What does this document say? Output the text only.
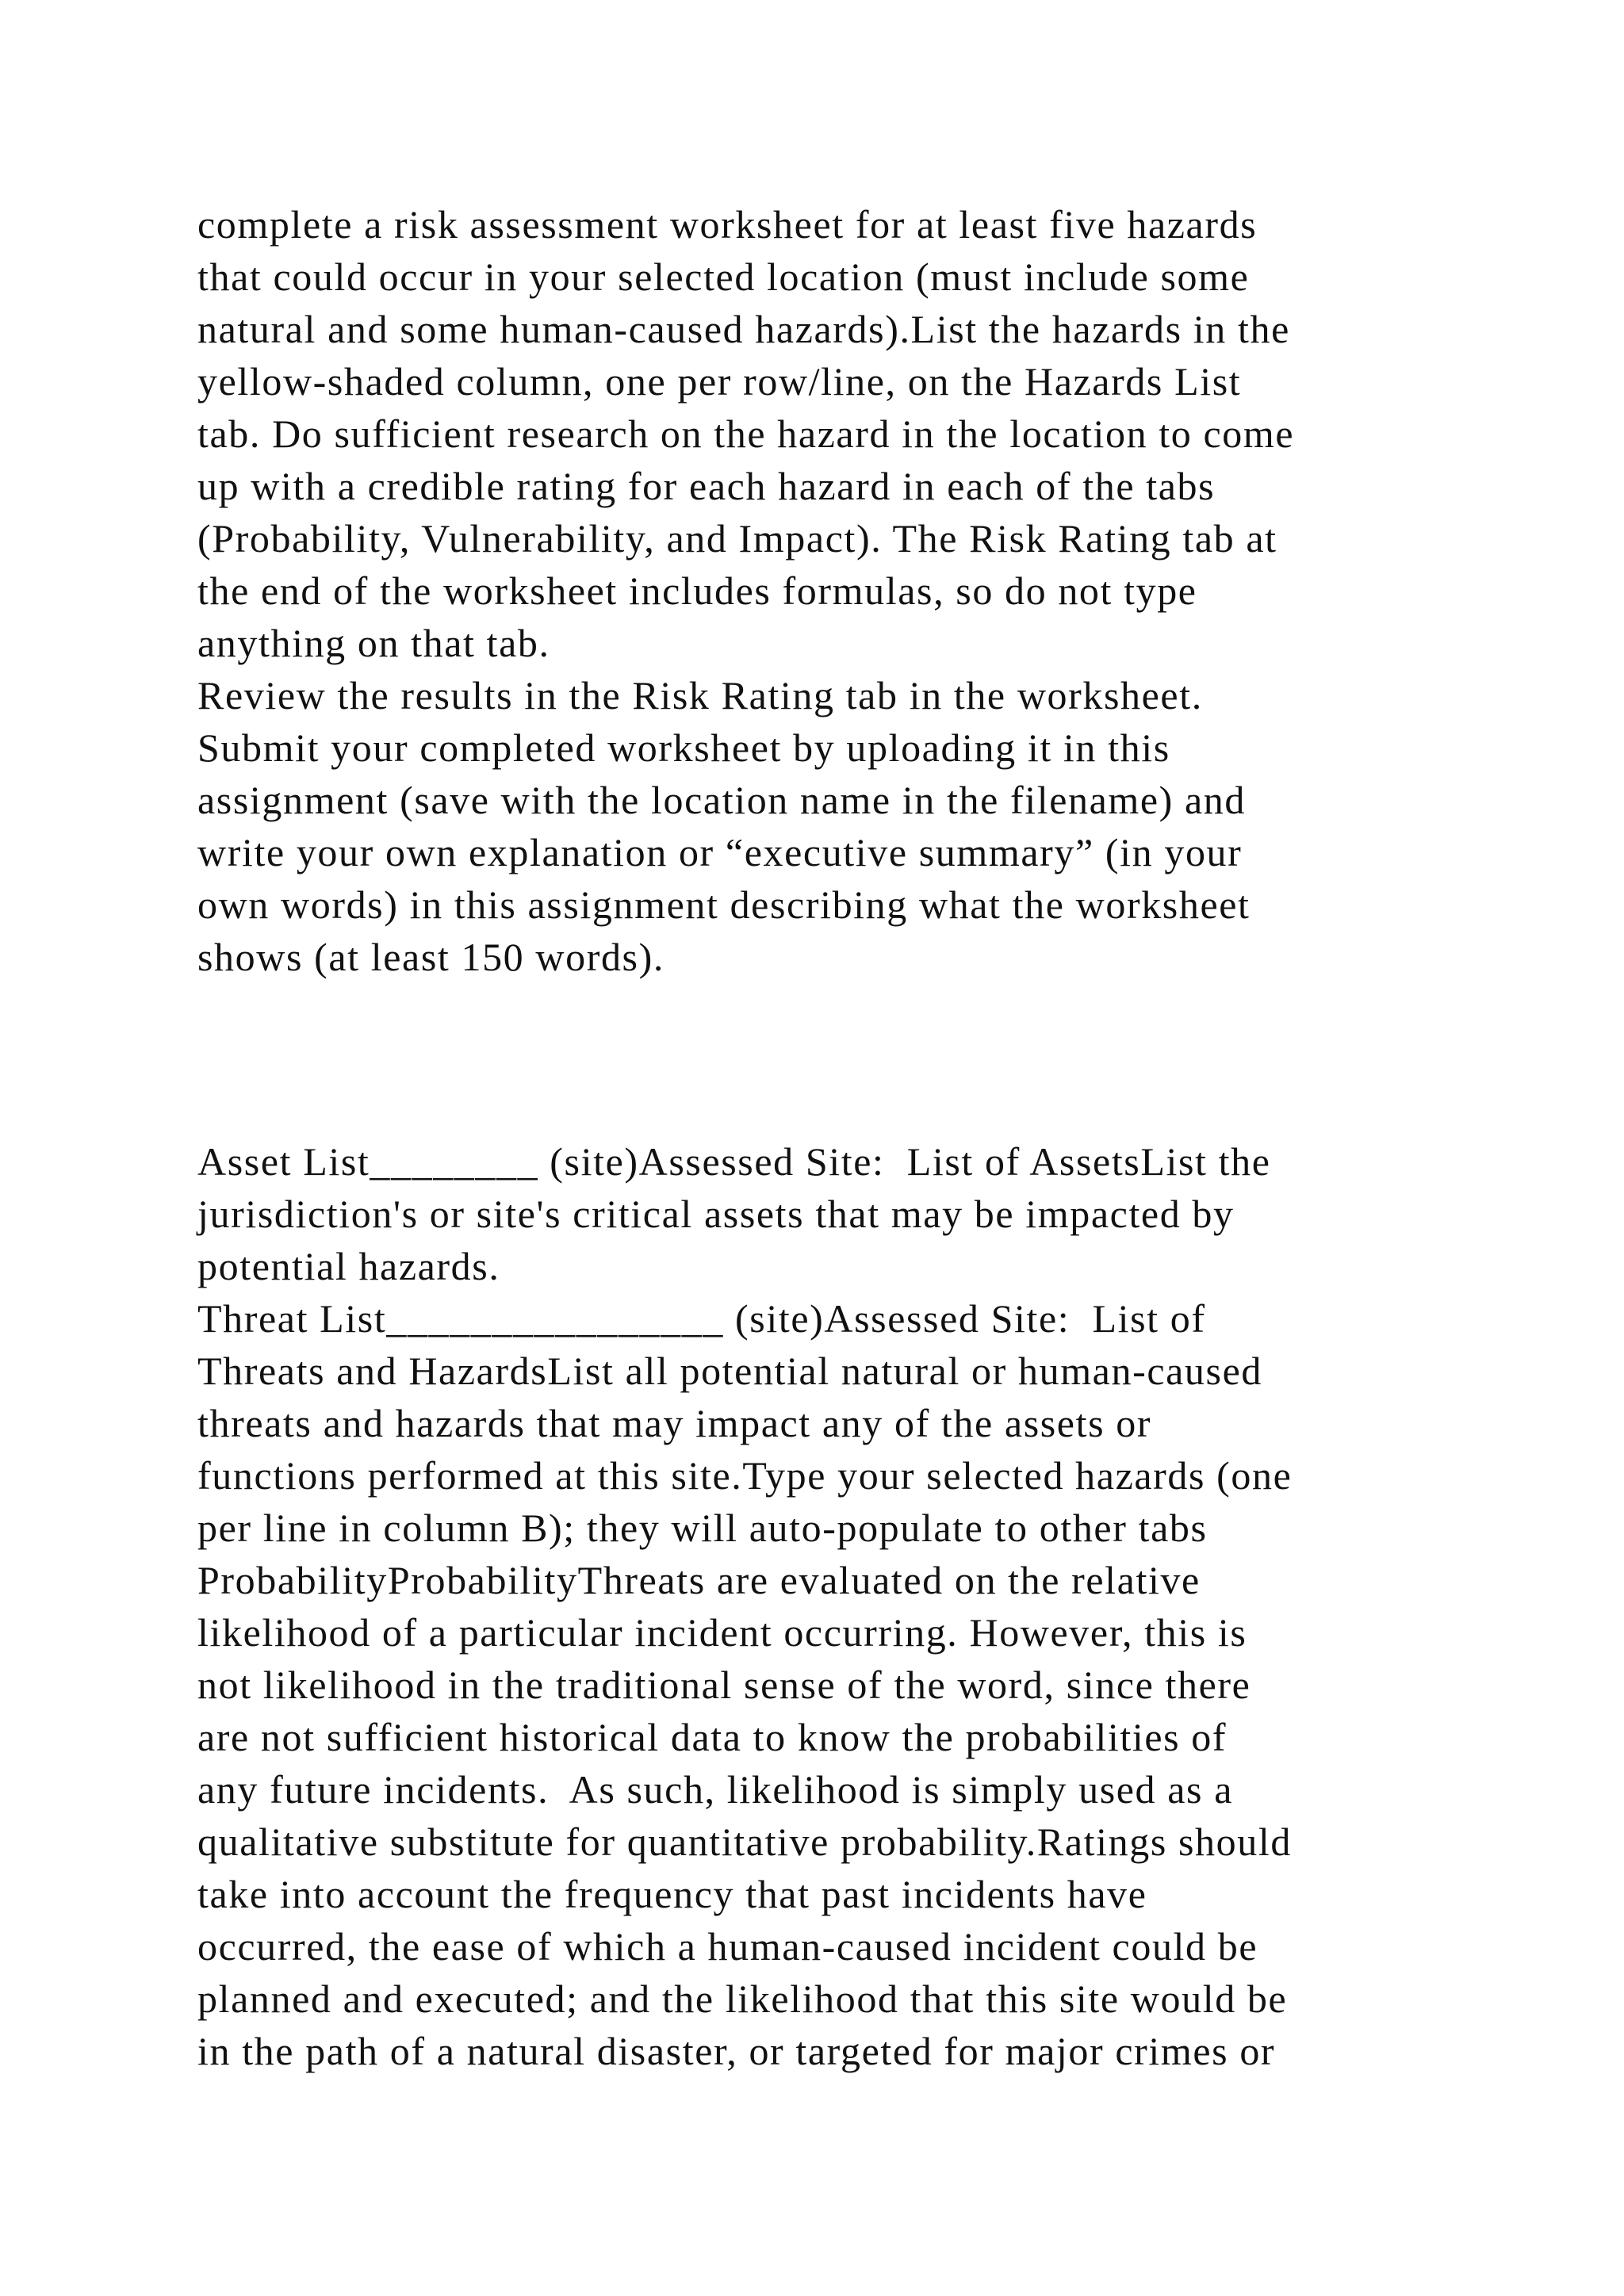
complete a risk assessment worksheet for at least five hazards
that could occur in your selected location (must include some
natural and some human-caused hazards).List the hazards in the
yellow-shaded column, one per row/line, on the Hazards List
tab. Do sufficient research on the hazard in the location to come
up with a credible rating for each hazard in each of the tabs
(Probability, Vulnerability, and Impact). The Risk Rating tab at
the end of the worksheet includes formulas, so do not type
anything on that tab.
Review the results in the Risk Rating tab in the worksheet.
Submit your completed worksheet by uploading it in this
assignment (save with the location name in the filename) and
write your own explanation or “executive summary” (in your
own words) in this assignment describing what the worksheet
shows (at least 150 words).
Asset List________ (site)Assessed Site:  List of AssetsList the
jurisdiction's or site's critical assets that may be impacted by
potential hazards.
Threat List________________ (site)Assessed Site:  List of
Threats and HazardsList all potential natural or human-caused
threats and hazards that may impact any of the assets or
functions performed at this site.Type your selected hazards (one
per line in column B); they will auto-populate to other tabs
ProbabilityProbabilityThreats are evaluated on the relative
likelihood of a particular incident occurring. However, this is
not likelihood in the traditional sense of the word, since there
are not sufficient historical data to know the probabilities of
any future incidents.  As such, likelihood is simply used as a
qualitative substitute for quantitative probability.Ratings should
take into account the frequency that past incidents have
occurred, the ease of which a human-caused incident could be
planned and executed; and the likelihood that this site would be
in the path of a natural disaster, or targeted for major crimes or
